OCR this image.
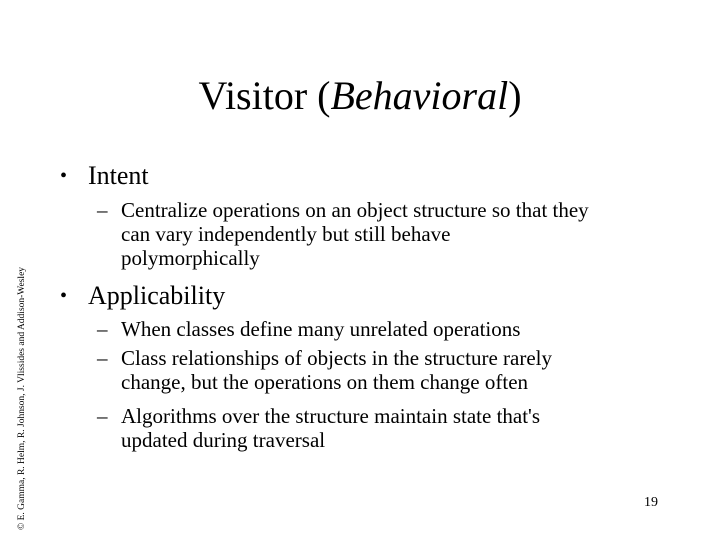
Visitor (Behavioral)
© E. Gamma, R. Helm, R. Johnson, J. Vlissides and Addison-Wesley
• Intent
– Centralize operations on an object structure so that they
can vary independently but still behave
polymorphically
• Applicability
– When classes define many unrelated operations
– Class relationships of objects in the structure rarely
change, but the operations on them change often
– Algorithms over the structure maintain state that's
updated during traversal
19
